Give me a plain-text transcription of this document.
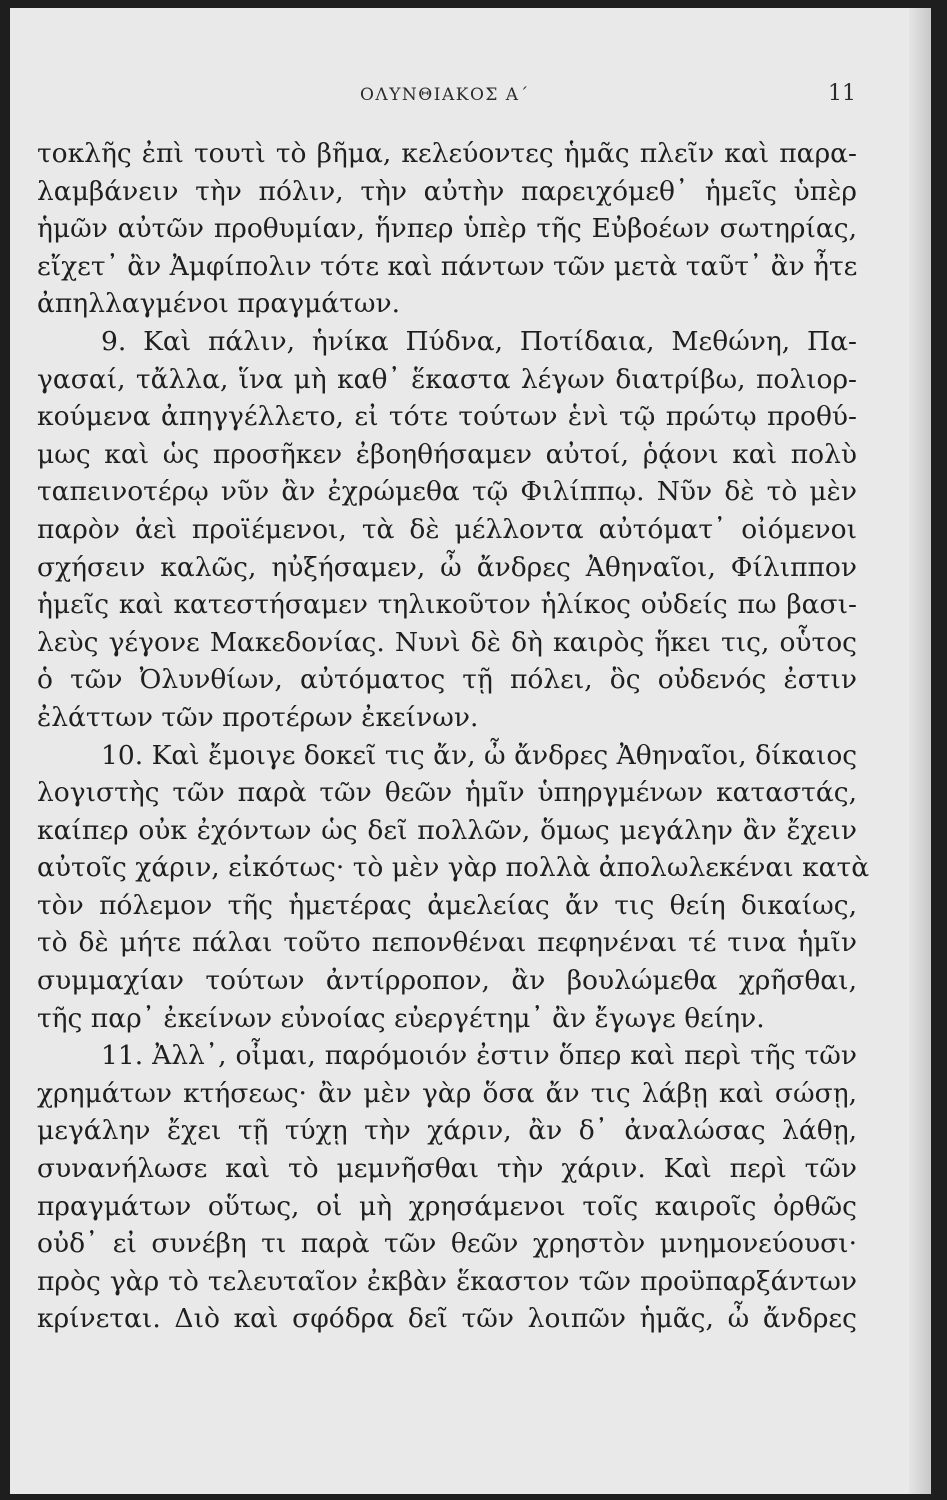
ΟΛΥΝΘΙΑΚΟΣ Α΄	11
τοκλῆς ἐπὶ τουτὶ τὸ βῆμα, κελεύοντες ἡμᾶς πλεῖν καὶ παρα-
λαμβάνειν τὴν πόλιν, τὴν αὐτὴν παρειχόμεθ᾿ ἡμεῖς ὑπὲρ
ἡμῶν αὐτῶν προθυμίαν, ἥνπερ ὑπὲρ τῆς Εὐβοέων σωτηρίας,
εἴχετ᾿ ἂν Ἀμφίπολιν τότε καὶ πάντων τῶν μετὰ ταῦτ᾿ ἂν ἦτε
ἀπηλλαγμένοι πραγμάτων.
9. Καὶ πάλιν, ἡνίκα Πύδνα, Ποτίδαια, Μεθώνη, Πα-
γασαί, τἄλλα, ἵνα μὴ καθ᾿ ἕκαστα λέγων διατρίβω, πολιορ-
κούμενα ἀπηγγέλλετο, εἰ τότε τούτων ἑνὶ τῷ πρώτῳ προθύ-
μως καὶ ὡς προσῆκεν ἐβοηθήσαμεν αὐτοί, ῥᾴονι καὶ πολὺ
ταπεινοτέρῳ νῦν ἂν ἐχρώμεθα τῷ Φιλίππῳ. Νῦν δὲ τὸ μὲν
παρὸν ἀεὶ προϊέμενοι, τὰ δὲ μέλλοντα αὐτόματ᾿ οἰόμενοι
σχήσειν καλῶς, ηὐξήσαμεν, ὦ ἄνδρες Ἀθηναῖοι, Φίλιππον
ἡμεῖς καὶ κατεστήσαμεν τηλικοῦτον ἡλίκος οὐδείς πω βασι-
λεὺς γέγονε Μακεδονίας. Νυνὶ δὲ δὴ καιρὸς ἥκει τις, οὗτος
ὁ τῶν Ὀλυνθίων, αὐτόματος τῇ πόλει, ὃς οὐδενός ἐστιν
ἐλάττων τῶν προτέρων ἐκείνων.
10. Καὶ ἔμοιγε δοκεῖ τις ἄν, ὦ ἄνδρες Ἀθηναῖοι, δίκαιος
λογιστὴς τῶν παρὰ τῶν θεῶν ἡμῖν ὑπηργμένων καταστάς,
καίπερ οὐκ ἐχόντων ὡς δεῖ πολλῶν, ὅμως μεγάλην ἂν ἔχειν
αὐτοῖς χάριν, εἰκότως· τὸ μὲν γὰρ πολλὰ ἀπολωλεκέναι κατὰ
τὸν πόλεμον τῆς ἡμετέρας ἀμελείας ἄν τις θείη δικαίως,
τὸ δὲ μήτε πάλαι τοῦτο πεπονθέναι πεφηνέναι τέ τινα ἡμῖν
συμμαχίαν τούτων ἀντίρροπον, ἂν βουλώμεθα χρῆσθαι,
τῆς παρ᾿ ἐκείνων εὐνοίας εὐεργέτημ᾿ ἂν ἔγωγε θείην.
11. Ἀλλ᾿, οἶμαι, παρόμοιόν ἐστιν ὅπερ καὶ περὶ τῆς τῶν
χρημάτων κτήσεως· ἂν μὲν γὰρ ὅσα ἄν τις λάβῃ καὶ σώσῃ,
μεγάλην ἔχει τῇ τύχῃ τὴν χάριν, ἂν δ᾿ ἀναλώσας λάθῃ,
συνανήλωσε καὶ τὸ μεμνῆσθαι τὴν χάριν. Καὶ περὶ τῶν
πραγμάτων οὕτως, οἱ μὴ χρησάμενοι τοῖς καιροῖς ὀρθῶς
οὐδ᾿ εἰ συνέβη τι παρὰ τῶν θεῶν χρηστὸν μνημονεύουσι·
πρὸς γὰρ τὸ τελευταῖον ἐκβὰν ἕκαστον τῶν προϋπαρξάντων
κρίνεται. Διὸ καὶ σφόδρα δεῖ τῶν λοιπῶν ἡμᾶς, ὦ ἄνδρες
